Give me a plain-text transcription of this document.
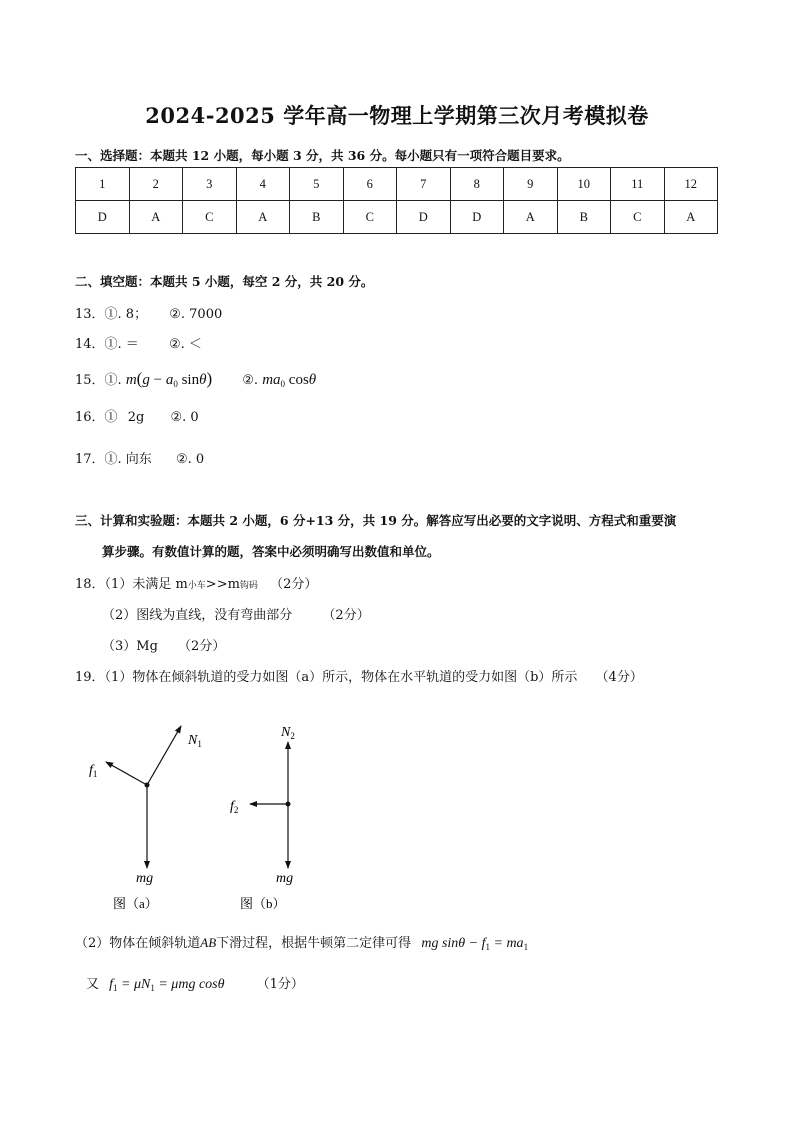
2024-2025 学年高一物理上学期第三次月考模拟卷
一、选择题：本题共 12 小题，每小题 3 分，共 36 分。每小题只有一项符合题目要求。
1	2	3	4	5	6	7	8	9	10	11	12
D	A	C	A	B	C	D	D	A	B	C	A
二、填空题：本题共 5 小题，每空 2 分，共 20 分。
13．①. 8； ②. 7000
14．①. ＝ ②. ＜
15．①. $m(g - a_0$ sinθ) ②. $ma_0$ cosθ
16．① 2g ②. 0
17．①. 向东 ②. 0
三、计算和实验题：本题共 2 小题，6 分+13 分，共 19 分。解答应写出必要的文字说明、方程式和重要演
算步骤。有数值计算的题，答案中必须明确写出数值和单位。
18．（1）未满足 m小车>>m钩码 （2分）
（2）图线为直线，没有弯曲部分 （2分）
（3）Mg （2分）
19．（1）物体在倾斜轨道的受力如图（a）所示，物体在水平轨道的受力如图（b）所示 （4分）
$N_1$
$f_1$
mg
图（a）
$N_2$
$f_2$
mg
图（b）
（2）物体在倾斜轨道AB下滑过程，根据牛顿第二定律可得 mg $\sin\theta - f_1 = ma_1$
又 $f_1 = \mu N_1 = \mu mg$ cosθ （1分）
